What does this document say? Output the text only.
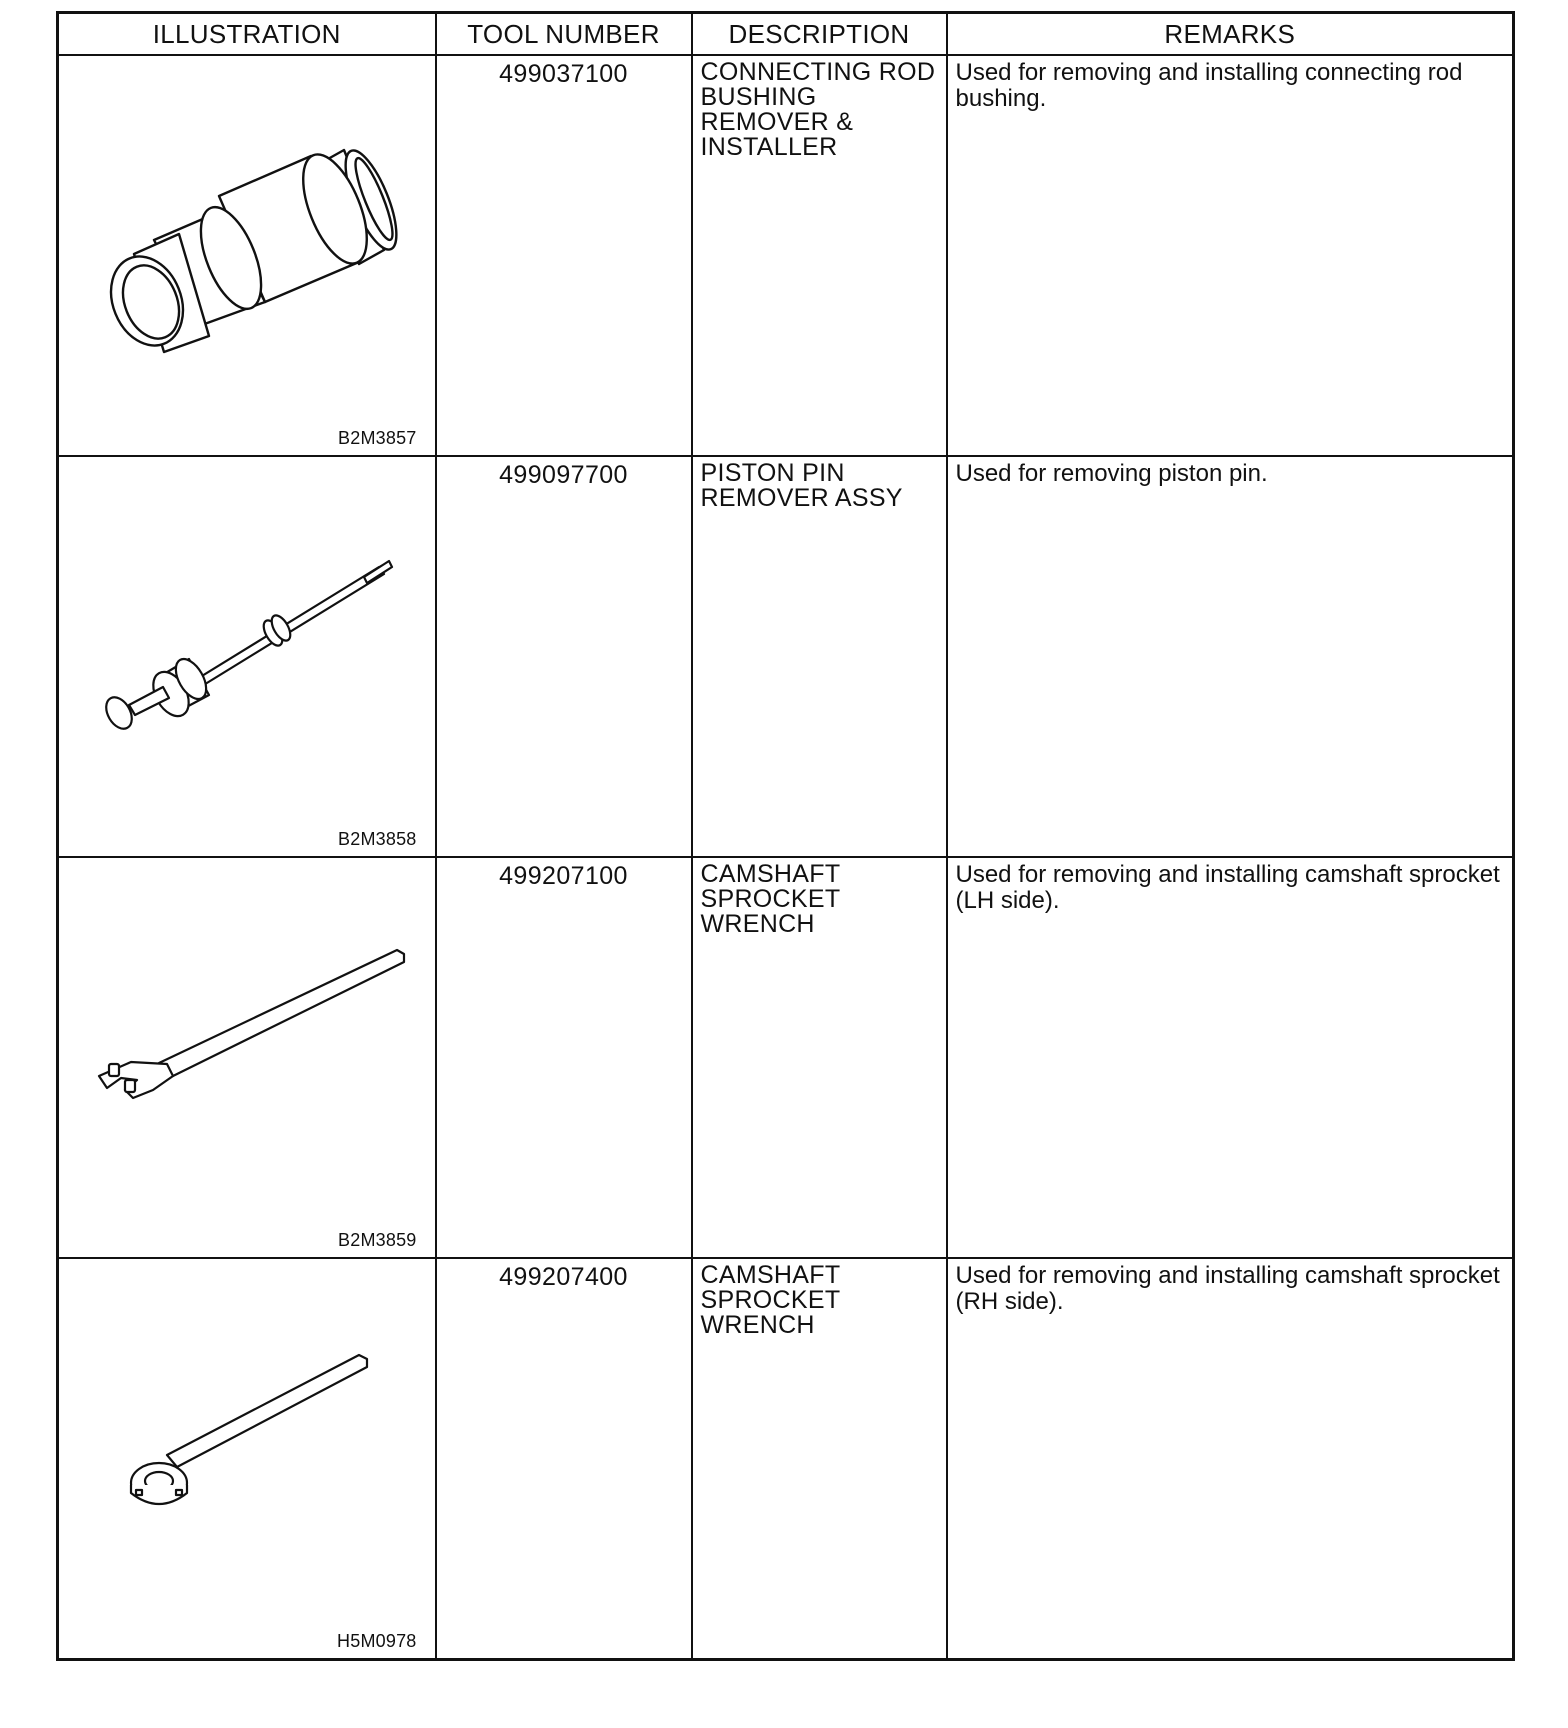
ILLUSTRATION	TOOL NUMBER	DESCRIPTION	REMARKS

B2M3857	499037100	CONNECTING ROD
BUSHING
REMOVER &
INSTALLER	Used for removing and installing connecting rod bushing.

B2M3858	499097700	PISTON PIN
REMOVER ASSY	Used for removing piston pin.

B2M3859	499207100	CAMSHAFT
SPROCKET
WRENCH	Used for removing and installing camshaft sprocket (LH side).

H5M0978	499207400	CAMSHAFT
SPROCKET
WRENCH	Used for removing and installing camshaft sprocket (RH side).
